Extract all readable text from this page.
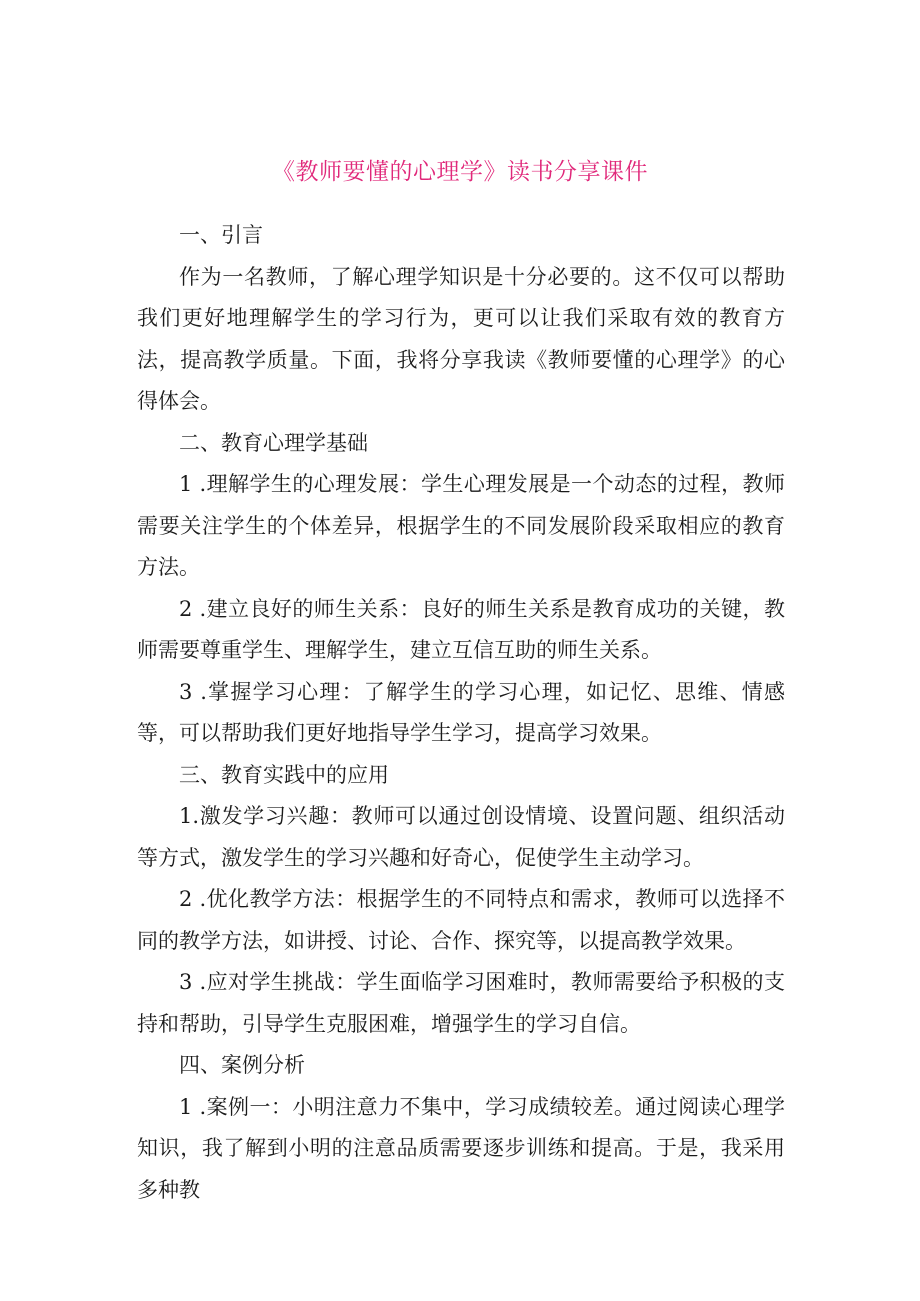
《教师要懂的心理学》读书分享课件

一、引言

作为一名教师，了解心理学知识是十分必要的。这不仅可以帮助我们更好地理解学生的学习行为，更可以让我们采取有效的教育方法，提高教学质量。下面，我将分享我读《教师要懂的心理学》的心得体会。

二、教育心理学基础

1 .理解学生的心理发展：学生心理发展是一个动态的过程，教师需要关注学生的个体差异，根据学生的不同发展阶段采取相应的教育方法。

2 .建立良好的师生关系：良好的师生关系是教育成功的关键，教师需要尊重学生、理解学生，建立互信互助的师生关系。

3 .掌握学习心理：了解学生的学习心理，如记忆、思维、情感等，可以帮助我们更好地指导学生学习，提高学习效果。

三、教育实践中的应用

1.激发学习兴趣：教师可以通过创设情境、设置问题、组织活动等方式，激发学生的学习兴趣和好奇心，促使学生主动学习。

2 .优化教学方法：根据学生的不同特点和需求，教师可以选择不同的教学方法，如讲授、讨论、合作、探究等，以提高教学效果。

3 .应对学生挑战：学生面临学习困难时，教师需要给予积极的支持和帮助，引导学生克服困难，增强学生的学习自信。

四、案例分析

1 .案例一：小明注意力不集中，学习成绩较差。通过阅读心理学知识，我了解到小明的注意品质需要逐步训练和提高。于是，我采用多种教
